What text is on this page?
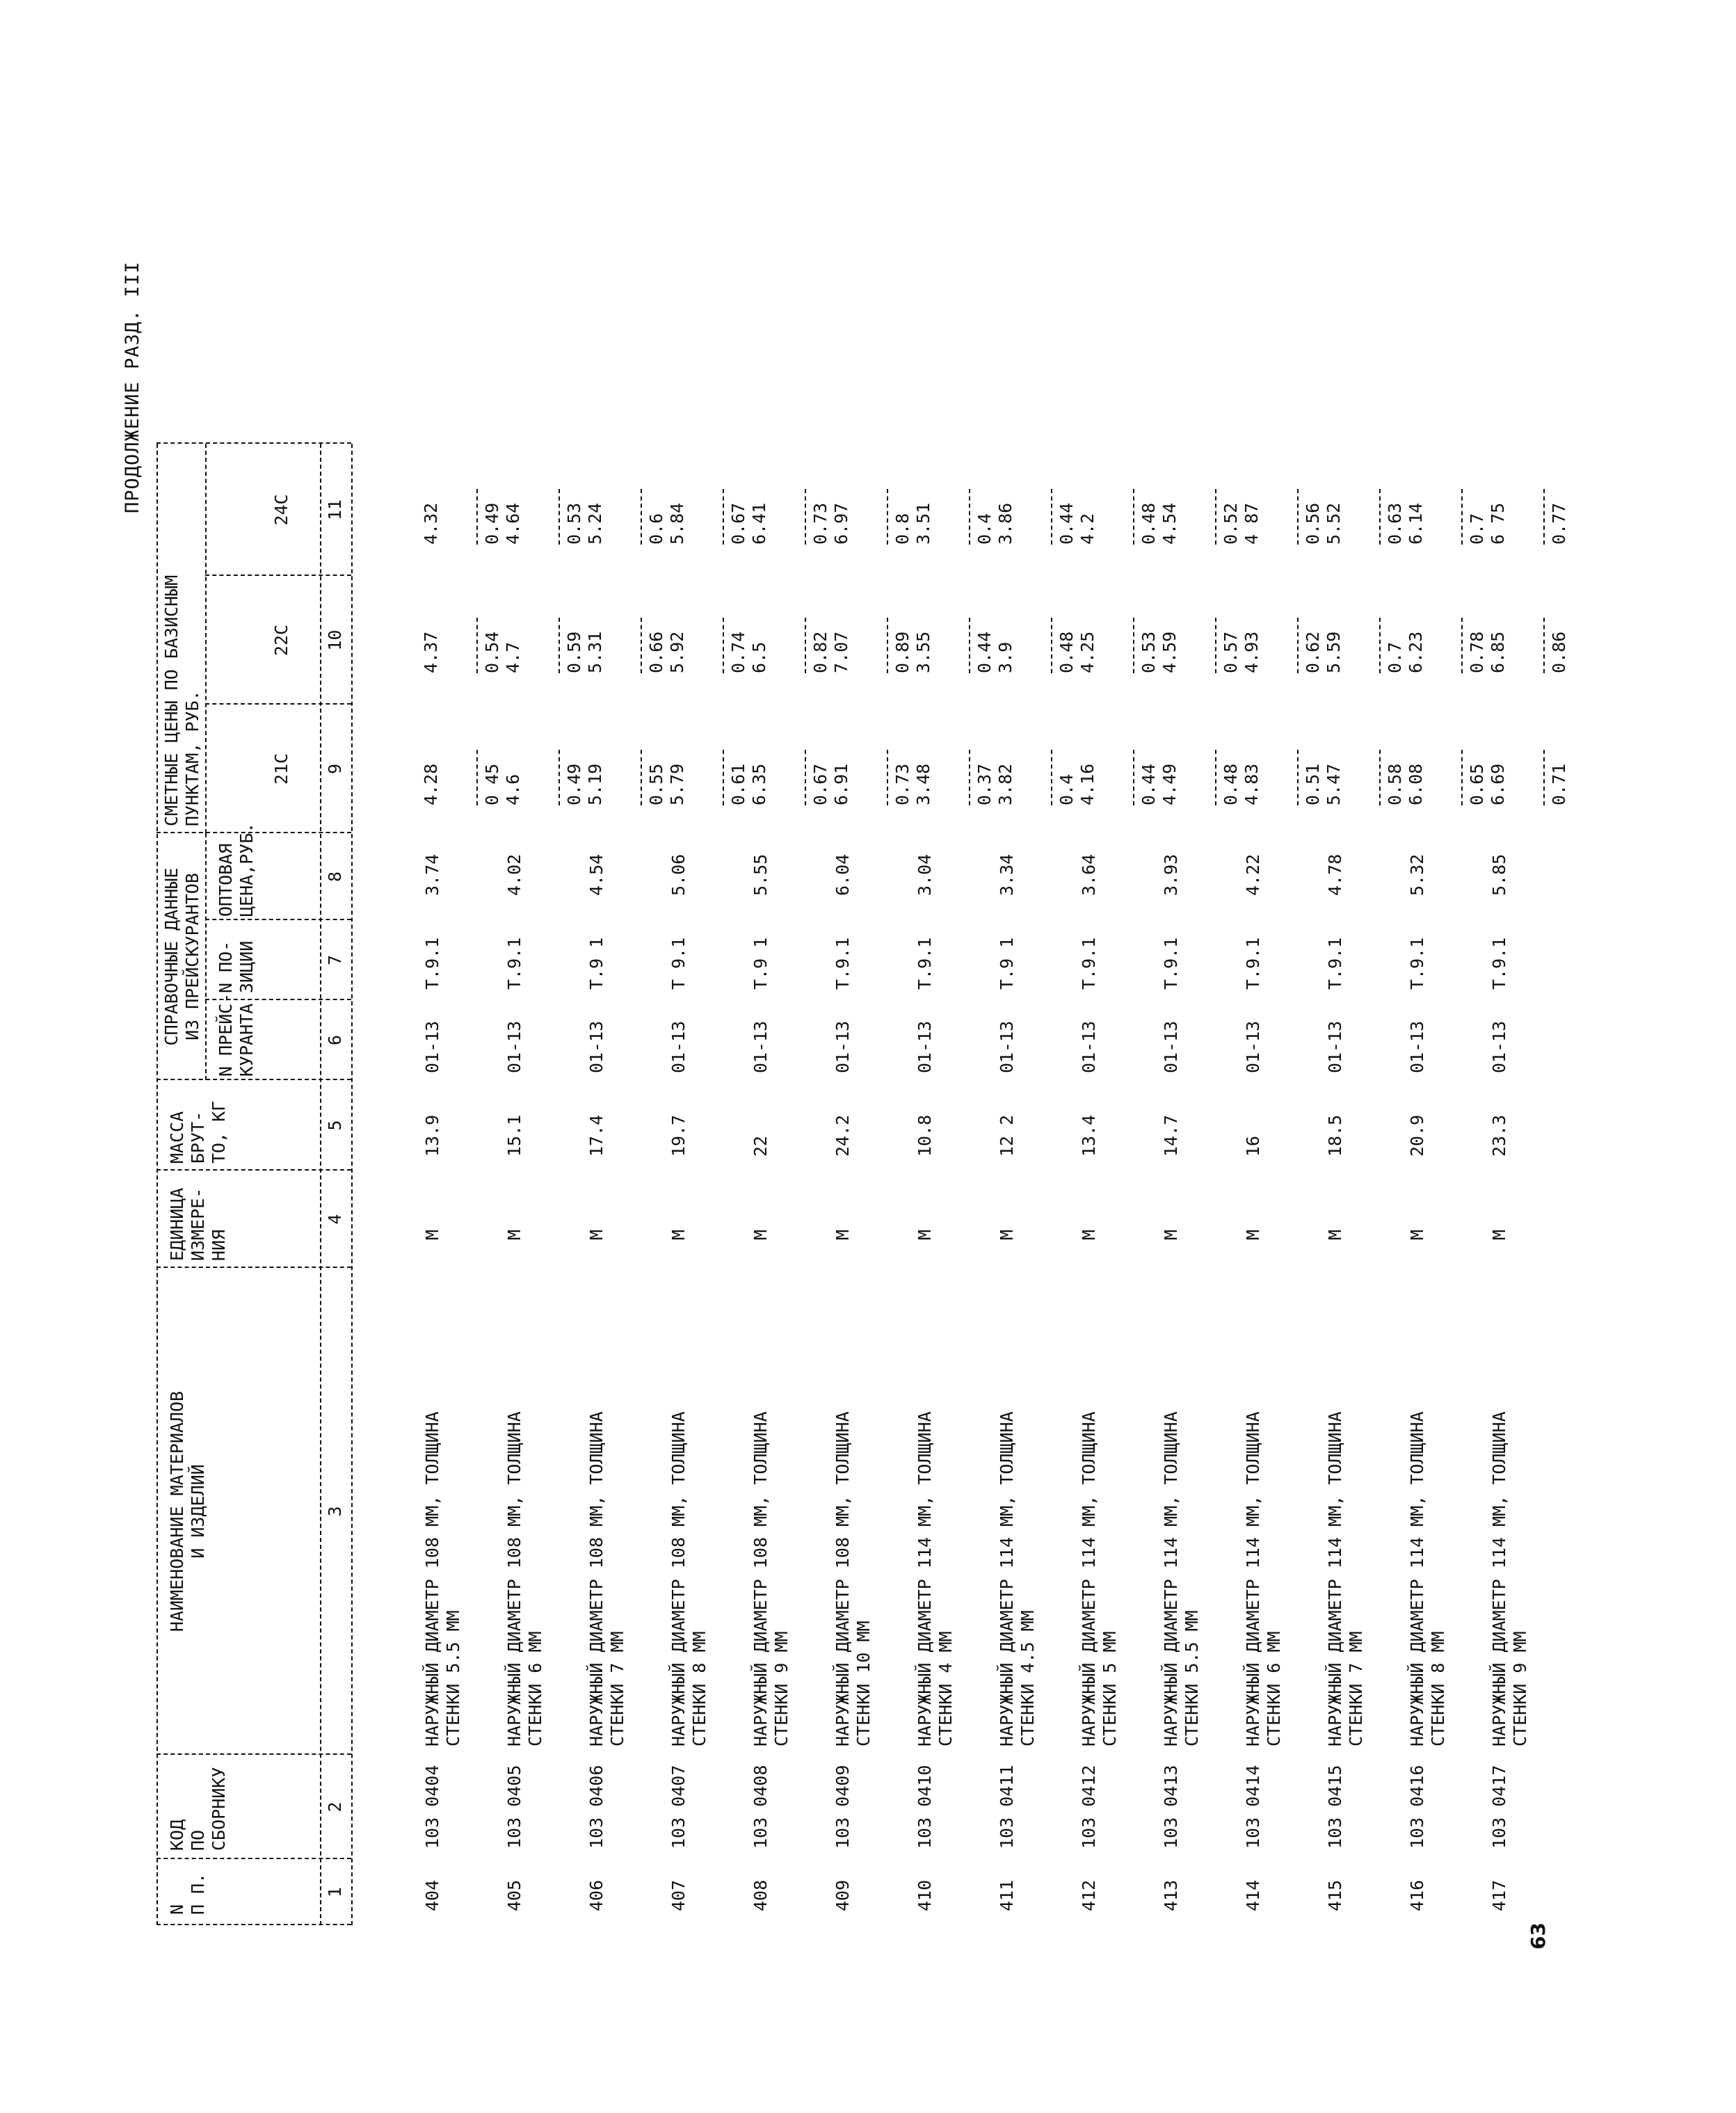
ПРОДОЛЖЕНИЕ РАЗД. III
N
П П.
КОД
ПО
СБОРНИКУ
НАИМЕНОВАНИЕ МАТЕРИАЛОВ
И ИЗДЕЛИЙ
ЕДИНИЦА
ИЗМЕРЕ-
НИЯ
МАССА
БРУТ-
ТО, КГ
СПРАВОЧНЫЕ ДАННЫЕ
ИЗ ПРЕЙСКУРАНТОВ
N ПРЕЙС-
КУРАНТА
N ПО-
ЗИЦИИ
ОПТОВАЯ
ЦЕНА,РУБ.
СМЕТНЫЕ ЦЕНЫ ПО БАЗИСНЫМ
ПУНКТАМ, РУБ.
21С
22С
24С
1
2
3
4
5
6
7
8
9
10
11
404
103 0404
НАРУЖНЫЙ ДИАМЕТР 108 ММ, ТОЛЩИНА
СТЕНКИ 5.5 ММ
М
13.9
01-13
Т.9.1
3.74

4.28

4.37

4.32
405
103 0405
НАРУЖНЫЙ ДИАМЕТР 108 ММ, ТОЛЩИНА
СТЕНКИ 6 ММ
М
15.1
01-13
Т.9.1
4.02
0 45
4.6
0.54
4.7
0.49
4.64
406
103 0406
НАРУЖНЫЙ ДИАМЕТР 108 ММ, ТОЛЩИНА
СТЕНКИ 7 ММ
М
17.4
01-13
Т.9 1
4.54
0.49
5.19
0.59
5.31
0.53
5.24
407
103 0407
НАРУЖНЫЙ ДИАМЕТР 108 ММ, ТОЛЩИНА
СТЕНКИ 8 ММ
М
19.7
01-13
Т 9.1
5.06
0.55
5.79
0.66
5.92
0.6
5.84
408
103 0408
НАРУЖНЫЙ ДИАМЕТР 108 ММ, ТОЛЩИНА
СТЕНКИ 9 ММ
М
22
01-13
Т.9 1
5.55
0.61
6.35
0.74
6.5
0.67
6.41
409
103 0409
НАРУЖНЫЙ ДИАМЕТР 108 ММ, ТОЛЩИНА
СТЕНКИ 10 ММ
М
24.2
01-13
Т.9.1
6.04
0.67
6.91
0.82
7.07
0.73
6.97
410
103 0410
НАРУЖНЫЙ ДИАМЕТР 114 ММ, ТОЛЩИНА
СТЕНКИ 4 ММ
М
10.8
01-13
Т.9.1
3.04
0.73
3.48
0.89
3.55
0.8
3.51
411
103 0411
НАРУЖНЫЙ ДИАМЕТР 114 ММ, ТОЛЩИНА
СТЕНКИ 4.5 ММ
М
12 2
01-13
Т.9 1
3.34
0.37
3.82
0.44
3.9
0.4
3.86
412
103 0412
НАРУЖНЫЙ ДИАМЕТР 114 ММ, ТОЛЩИНА
СТЕНКИ 5 ММ
М
13.4
01-13
Т.9.1
3.64
0.4
4.16
0.48
4.25
0.44
4.2
413
103 0413
НАРУЖНЫЙ ДИАМЕТР 114 ММ, ТОЛЩИНА
СТЕНКИ 5.5 ММ
М
14.7
01-13
Т.9.1
3.93
0.44
4.49
0.53
4.59
0.48
4.54
414
103 0414
НАРУЖНЫЙ ДИАМЕТР 114 ММ, ТОЛЩИНА
СТЕНКИ 6 ММ
М
16
01-13
Т.9.1
4.22
0.48
4.83
0.57
4.93
0.52
4 87
415
103 0415
НАРУЖНЫЙ ДИАМЕТР 114 ММ, ТОЛЩИНА
СТЕНКИ 7 ММ
М
18.5
01-13
Т.9.1
4.78
0.51
5.47
0.62
5.59
0.56
5.52
416
103 0416
НАРУЖНЫЙ ДИАМЕТР 114 ММ, ТОЛЩИНА
СТЕНКИ 8 ММ
М
20.9
01-13
Т.9.1
5.32
0.58
6.08
0.7
6.23
0.63
6.14
417
103 0417
НАРУЖНЫЙ ДИАМЕТР 114 ММ, ТОЛЩИНА
СТЕНКИ 9 ММ
М
23.3
01-13
Т.9.1
5.85
0.65
6.69
0.78
6.85
0.7
6 75
0.71
0.86
0.77
63
